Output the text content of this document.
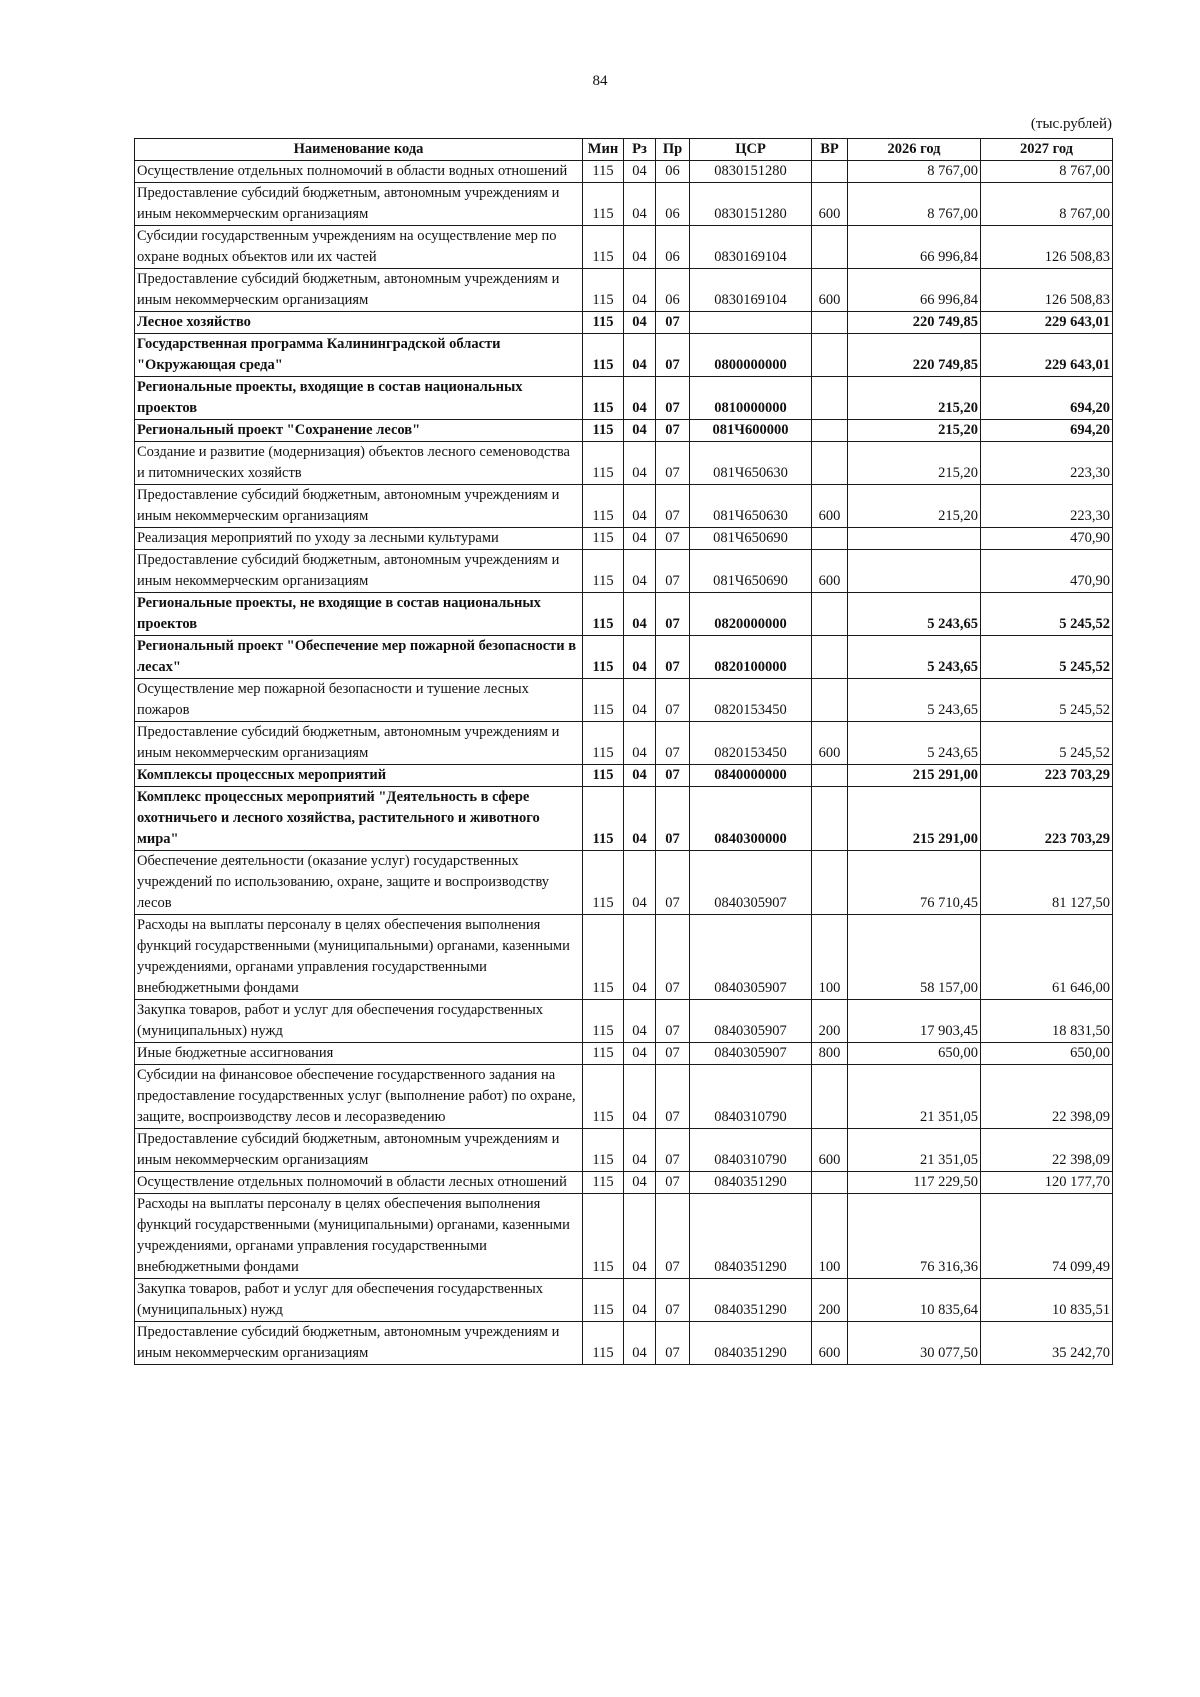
84
(тыс.рублей)
Наименование кода	Мин	Рз	Пр	ЦСР	ВР	2026 год	2027 год
Осуществление отдельных полномочий в области водных отношений	115	04	06	0830151280		8 767,00	8 767,00
Предоставление субсидий бюджетным, автономным учреждениям и иным некоммерческим организациям	115	04	06	0830151280	600	8 767,00	8 767,00
Субсидии государственным учреждениям на осуществление мер по охране водных объектов или их частей	115	04	06	0830169104		66 996,84	126 508,83
Предоставление субсидий бюджетным, автономным учреждениям и иным некоммерческим организациям	115	04	06	0830169104	600	66 996,84	126 508,83
Лесное хозяйство	115	04	07			220 749,85	229 643,01
Государственная программа Калининградской области "Окружающая среда"	115	04	07	0800000000		220 749,85	229 643,01
Региональные проекты, входящие в состав национальных проектов	115	04	07	0810000000		215,20	694,20
Региональный проект "Сохранение лесов"	115	04	07	081Ч600000		215,20	694,20
Создание и развитие (модернизация) объектов лесного семеноводства и питомнических хозяйств	115	04	07	081Ч650630		215,20	223,30
Предоставление субсидий бюджетным, автономным учреждениям и иным некоммерческим организациям	115	04	07	081Ч650630	600	215,20	223,30
Реализация мероприятий по уходу за лесными культурами	115	04	07	081Ч650690			470,90
Предоставление субсидий бюджетным, автономным учреждениям и иным некоммерческим организациям	115	04	07	081Ч650690	600		470,90
Региональные проекты, не входящие в состав национальных проектов	115	04	07	0820000000		5 243,65	5 245,52
Региональный проект "Обеспечение мер пожарной безопасности в лесах"	115	04	07	0820100000		5 243,65	5 245,52
Осуществление мер пожарной безопасности и тушение лесных пожаров	115	04	07	0820153450		5 243,65	5 245,52
Предоставление субсидий бюджетным, автономным учреждениям и иным некоммерческим организациям	115	04	07	0820153450	600	5 243,65	5 245,52
Комплексы процессных мероприятий	115	04	07	0840000000		215 291,00	223 703,29
Комплекс процессных мероприятий "Деятельность в сфере охотничьего и лесного хозяйства, растительного и животного мира"	115	04	07	0840300000		215 291,00	223 703,29
Обеспечение деятельности (оказание услуг) государственных учреждений по использованию, охране, защите и воспроизводству лесов	115	04	07	0840305907		76 710,45	81 127,50
Расходы на выплаты персоналу в целях обеспечения выполнения функций государственными (муниципальными) органами, казенными учреждениями, органами управления государственными внебюджетными фондами	115	04	07	0840305907	100	58 157,00	61 646,00
Закупка товаров, работ и услуг для обеспечения государственных (муниципальных) нужд	115	04	07	0840305907	200	17 903,45	18 831,50
Иные бюджетные ассигнования	115	04	07	0840305907	800	650,00	650,00
Субсидии на финансовое обеспечение государственного задания на предоставление государственных услуг (выполнение работ) по охране, защите, воспроизводству лесов и лесоразведению	115	04	07	0840310790		21 351,05	22 398,09
Предоставление субсидий бюджетным, автономным учреждениям и иным некоммерческим организациям	115	04	07	0840310790	600	21 351,05	22 398,09
Осуществление отдельных полномочий в области лесных отношений	115	04	07	0840351290		117 229,50	120 177,70
Расходы на выплаты персоналу в целях обеспечения выполнения функций государственными (муниципальными) органами, казенными учреждениями, органами управления государственными внебюджетными фондами	115	04	07	0840351290	100	76 316,36	74 099,49
Закупка товаров, работ и услуг для обеспечения государственных (муниципальных) нужд	115	04	07	0840351290	200	10 835,64	10 835,51
Предоставление субсидий бюджетным, автономным учреждениям и иным некоммерческим организациям	115	04	07	0840351290	600	30 077,50	35 242,70
